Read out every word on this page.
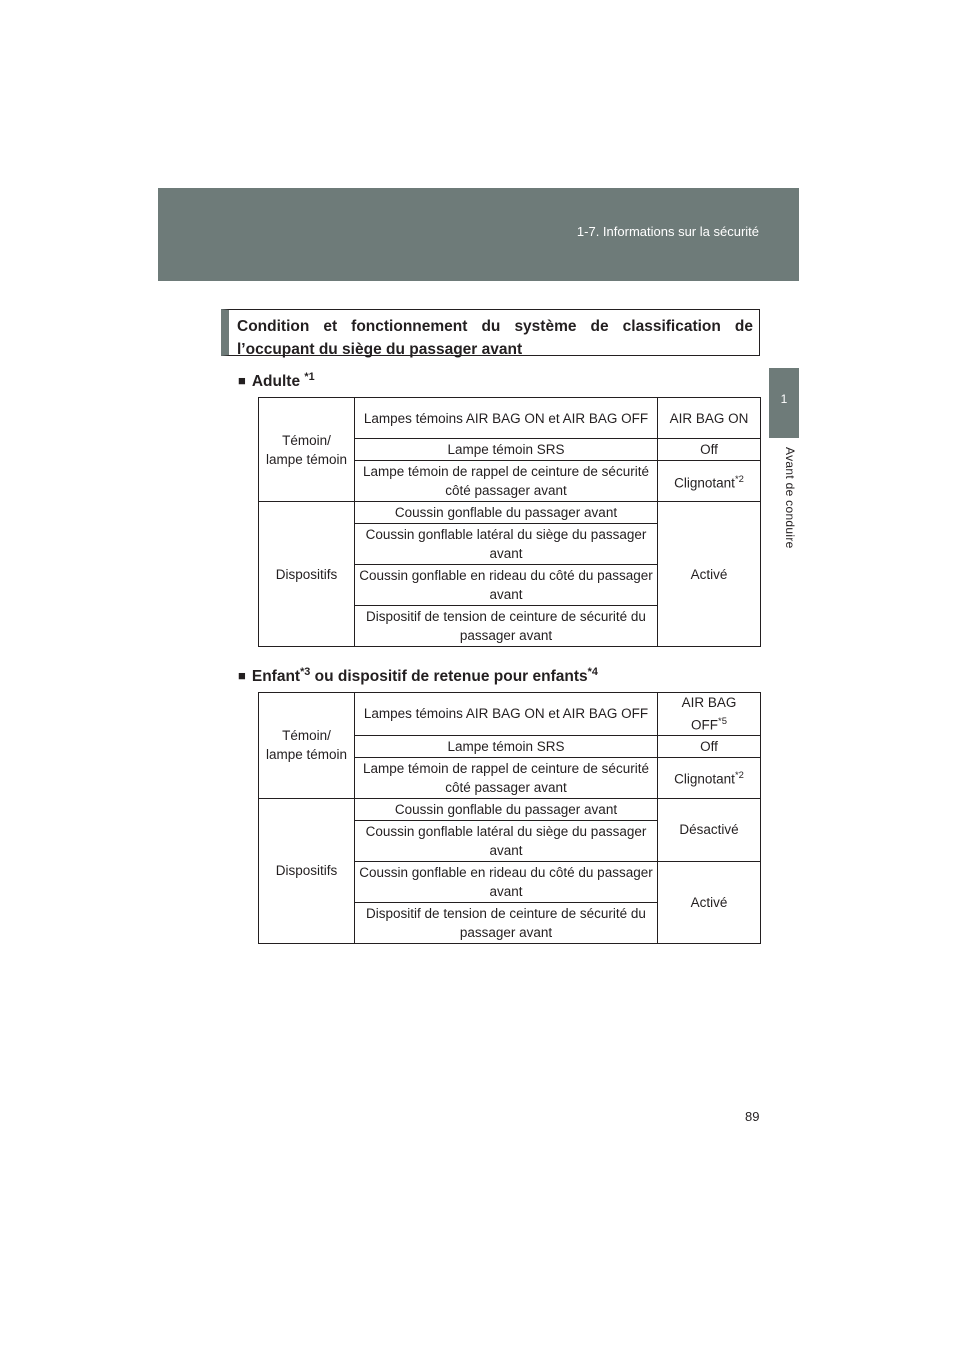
1-7. Informations sur la sécurité
1
Avant de conduire
Condition et fonctionnement du système de classification de l’occupant du siège du passager avant
■ Adulte $^{*1}$
Témoin/ lampe témoin	Lampes témoins AIR BAG ON et AIR BAG OFF	AIR BAG ON
	Lampe témoin SRS	Off
	Lampe témoin de rappel de ceinture de sécurité côté passager avant	Clignotant$^{*2}$
Dispositifs	Coussin gonflable du passager avant	Activé
	Coussin gonflable latéral du siège du passager avant	
	Coussin gonflable en rideau du côté du passager avant	
	Dispositif de tension de ceinture de sécurité du passager avant	
■ Enfant$^{*3}$ ou dispositif de retenue pour enfants$^{*4}$
Témoin/ lampe témoin	Lampes témoins AIR BAG ON et AIR BAG OFF	AIR BAG OFF$^{*5}$
	Lampe témoin SRS	Off
	Lampe témoin de rappel de ceinture de sécurité côté passager avant	Clignotant$^{*2}$
Dispositifs	Coussin gonflable du passager avant	Désactivé
	Coussin gonflable latéral du siège du passager avant	
	Coussin gonflable en rideau du côté du passager avant	Activé
	Dispositif de tension de ceinture de sécurité du passager avant	
89
